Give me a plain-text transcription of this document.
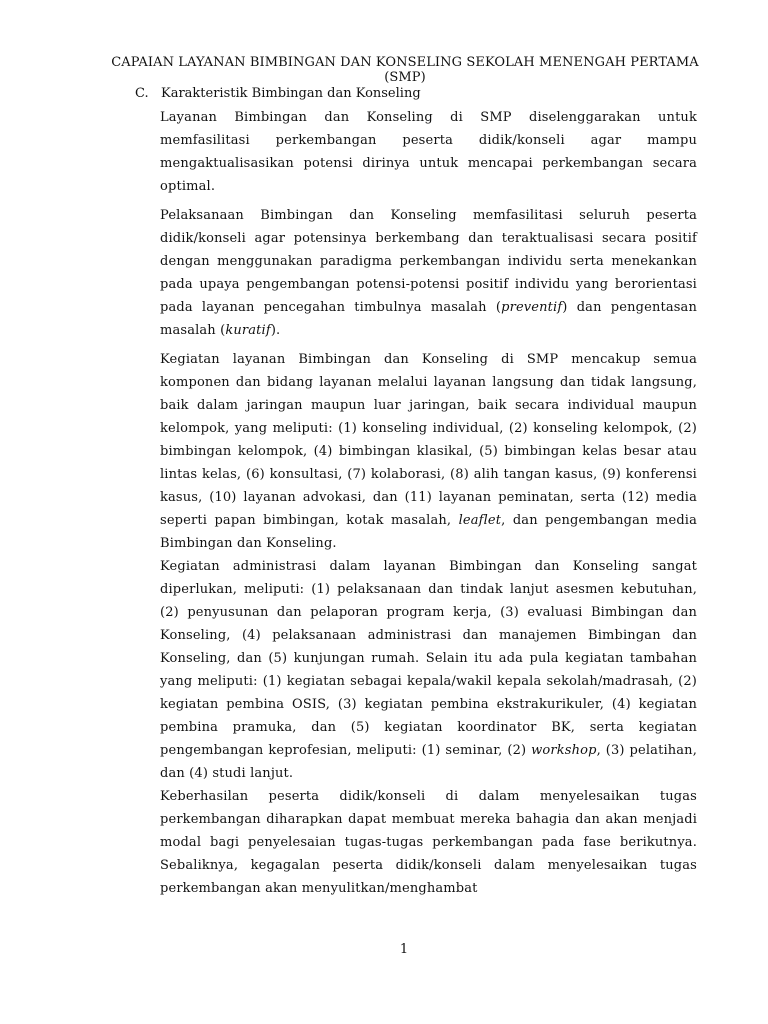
CAPAIAN LAYANAN BIMBINGAN DAN KONSELING SEKOLAH MENENGAH PERTAMA (SMP)
C. Karakteristik Bimbingan dan Konseling

Layanan Bimbingan dan Konseling di SMP diselenggarakan untuk memfasilitasi perkembangan peserta didik/konseli agar mampu mengaktualisasikan potensi dirinya untuk mencapai perkembangan secara optimal.

Pelaksanaan Bimbingan dan Konseling memfasilitasi seluruh peserta didik/konseli agar potensinya berkembang dan teraktualisasi secara positif dengan menggunakan paradigma perkembangan individu serta menekankan pada upaya pengembangan potensi-potensi positif individu yang berorientasi pada layanan pencegahan timbulnya masalah (preventif) dan pengentasan masalah (kuratif).

Kegiatan layanan Bimbingan dan Konseling di SMP mencakup semua komponen dan bidang layanan melalui layanan langsung dan tidak langsung, baik dalam jaringan maupun luar jaringan, baik secara individual maupun kelompok, yang meliputi: (1) konseling individual, (2) konseling kelompok, (2) bimbingan kelompok, (4) bimbingan klasikal, (5) bimbingan kelas besar atau lintas kelas, (6) konsultasi, (7) kolaborasi, (8) alih tangan kasus, (9) konferensi kasus, (10) layanan advokasi, dan (11) layanan peminatan, serta (12) media seperti papan bimbingan, kotak masalah, leaflet, dan pengembangan media Bimbingan dan Konseling.

Kegiatan administrasi dalam layanan Bimbingan dan Konseling sangat diperlukan, meliputi: (1) pelaksanaan dan tindak lanjut asesmen kebutuhan, (2) penyusunan dan pelaporan program kerja, (3) evaluasi Bimbingan dan Konseling, (4) pelaksanaan administrasi dan manajemen Bimbingan dan Konseling, dan (5) kunjungan rumah. Selain itu ada pula kegiatan tambahan yang meliputi: (1) kegiatan sebagai kepala/wakil kepala sekolah/madrasah, (2) kegiatan pembina OSIS, (3) kegiatan pembina ekstrakurikuler, (4) kegiatan pembina pramuka, dan (5) kegiatan koordinator BK, serta kegiatan pengembangan keprofesian, meliputi: (1) seminar, (2) workshop, (3) pelatihan, dan (4) studi lanjut.

Keberhasilan peserta didik/konseli di dalam menyelesaikan tugas perkembangan diharapkan dapat membuat mereka bahagia dan akan menjadi modal bagi penyelesaian tugas-tugas perkembangan pada fase berikutnya. Sebaliknya, kegagalan peserta didik/konseli dalam menyelesaikan tugas perkembangan akan menyulitkan/menghambat

1
